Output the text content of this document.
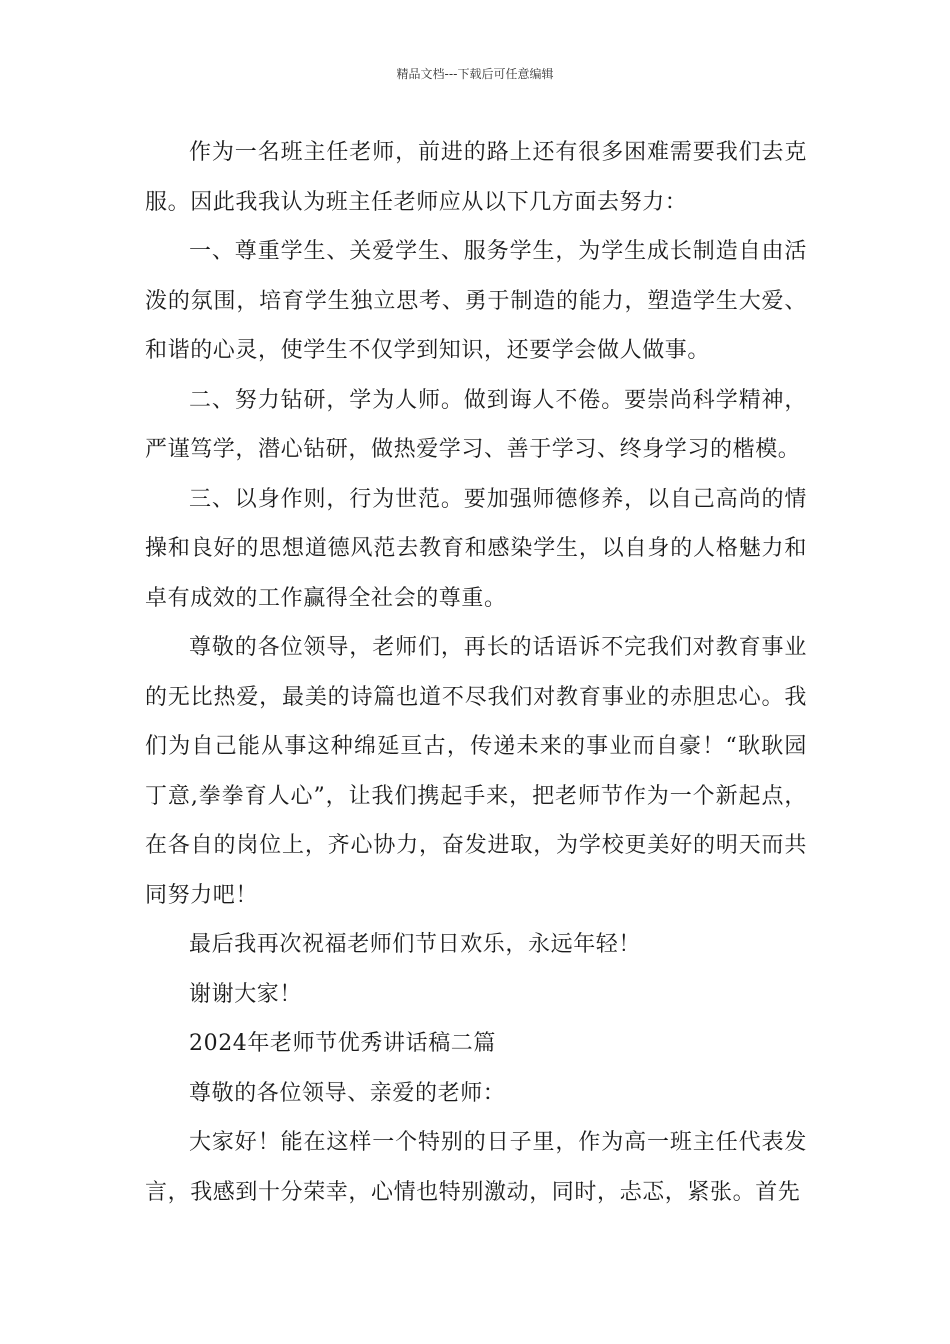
精品文档---下载后可任意编辑

作为一名班主任老师，前进的路上还有很多困难需要我们去克服。因此我我认为班主任老师应从以下几方面去努力：

一、尊重学生、关爱学生、服务学生，为学生成长制造自由活泼的氛围，培育学生独立思考、勇于制造的能力，塑造学生大爱、和谐的心灵，使学生不仅学到知识，还要学会做人做事。

二、努力钻研，学为人师。做到诲人不倦。要崇尚科学精神，严谨笃学，潜心钻研，做热爱学习、善于学习、终身学习的楷模。

三、以身作则，行为世范。要加强师德修养，以自己高尚的情操和良好的思想道德风范去教育和感染学生，以自身的人格魅力和卓有成效的工作赢得全社会的尊重。

尊敬的各位领导，老师们，再长的话语诉不完我们对教育事业的无比热爱，最美的诗篇也道不尽我们对教育事业的赤胆忠心。我们为自己能从事这种绵延亘古，传递未来的事业而自豪！“耿耿园丁意,拳拳育人心”，让我们携起手来，把老师节作为一个新起点，在各自的岗位上，齐心协力，奋发进取，为学校更美好的明天而共同努力吧！

最后我再次祝福老师们节日欢乐，永远年轻！

谢谢大家！

2024年老师节优秀讲话稿二篇

尊敬的各位领导、亲爱的老师：

大家好！能在这样一个特别的日子里，作为高一班主任代表发言，我感到十分荣幸，心情也特别激动，同时，忐忑，紧张。首先
